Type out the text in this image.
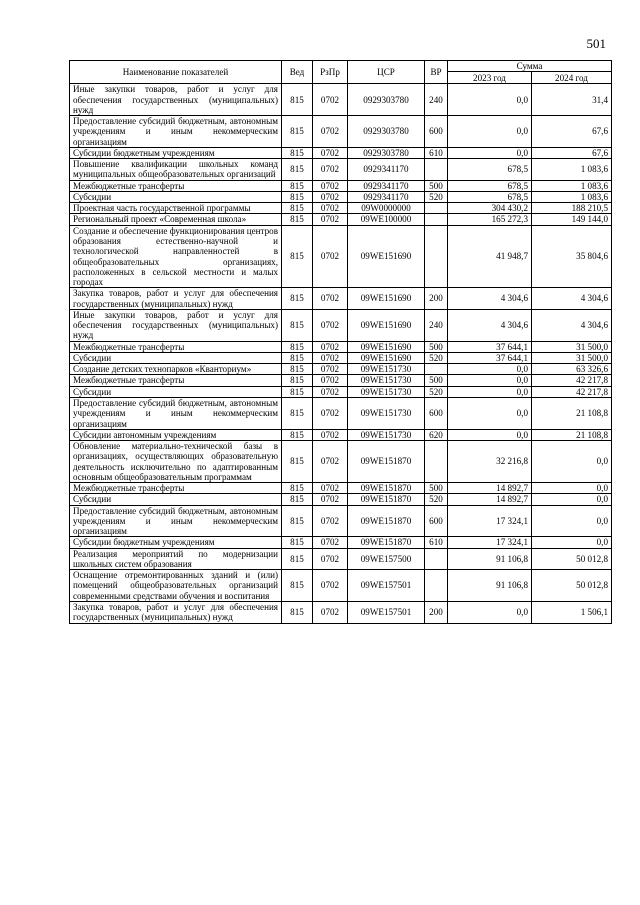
501
Наименование показателей	Вед	РзПр	ЦСР	ВР	Сумма	
					2023 год	2024 год
Иные закупки товаров, работ и услуг для обеспечения государственных (муниципальных) нужд	815	0702	0929303780	240	0,0	31,4
Предоставление субсидий бюджетным, автономным учреждениям и иным некоммерческим организациям	815	0702	0929303780	600	0,0	67,6
Субсидии бюджетным учреждениям	815	0702	0929303780	610	0,0	67,6
Повышение квалификации школьных команд муниципальных общеобразовательных организаций	815	0702	0929341170		678,5	1 083,6
Межбюджетные трансферты	815	0702	0929341170	500	678,5	1 083,6
Субсидии	815	0702	0929341170	520	678,5	1 083,6
Проектная часть государственной программы	815	0702	09W0000000		304 430,2	188 210,5
Региональный проект «Современная школа»	815	0702	09WE100000		165 272,3	149 144,0
Создание и обеспечение функционирования центров образования естественно-научной и технологической направленностей в общеобразовательных организациях, расположенных в сельской местности и малых городах	815	0702	09WE151690		41 948,7	35 804,6
Закупка товаров, работ и услуг для обеспечения государственных (муниципальных) нужд	815	0702	09WE151690	200	4 304,6	4 304,6
Иные закупки товаров, работ и услуг для обеспечения государственных (муниципальных) нужд	815	0702	09WE151690	240	4 304,6	4 304,6
Межбюджетные трансферты	815	0702	09WE151690	500	37 644,1	31 500,0
Субсидии	815	0702	09WE151690	520	37 644,1	31 500,0
Создание детских технопарков «Кванториум»	815	0702	09WE151730		0,0	63 326,6
Межбюджетные трансферты	815	0702	09WE151730	500	0,0	42 217,8
Субсидии	815	0702	09WE151730	520	0,0	42 217,8
Предоставление субсидий бюджетным, автономным учреждениям и иным некоммерческим организациям	815	0702	09WE151730	600	0,0	21 108,8
Субсидии автономным учреждениям	815	0702	09WE151730	620	0,0	21 108,8
Обновление материально-технической базы в организациях, осуществляющих образовательную деятельность исключительно по адаптированным основным общеобразовательным программам	815	0702	09WE151870		32 216,8	0,0
Межбюджетные трансферты	815	0702	09WE151870	500	14 892,7	0,0
Субсидии	815	0702	09WE151870	520	14 892,7	0,0
Предоставление субсидий бюджетным, автономным учреждениям и иным некоммерческим организациям	815	0702	09WE151870	600	17 324,1	0,0
Субсидии бюджетным учреждениям	815	0702	09WE151870	610	17 324,1	0,0
Реализация мероприятий по модернизации школьных систем образования	815	0702	09WE157500		91 106,8	50 012,8
Оснащение отремонтированных зданий и (или) помещений общеобразовательных организаций современными средствами обучения и воспитания	815	0702	09WE157501		91 106,8	50 012,8
Закупка товаров, работ и услуг для обеспечения государственных (муниципальных) нужд	815	0702	09WE157501	200	0,0	1 506,1
